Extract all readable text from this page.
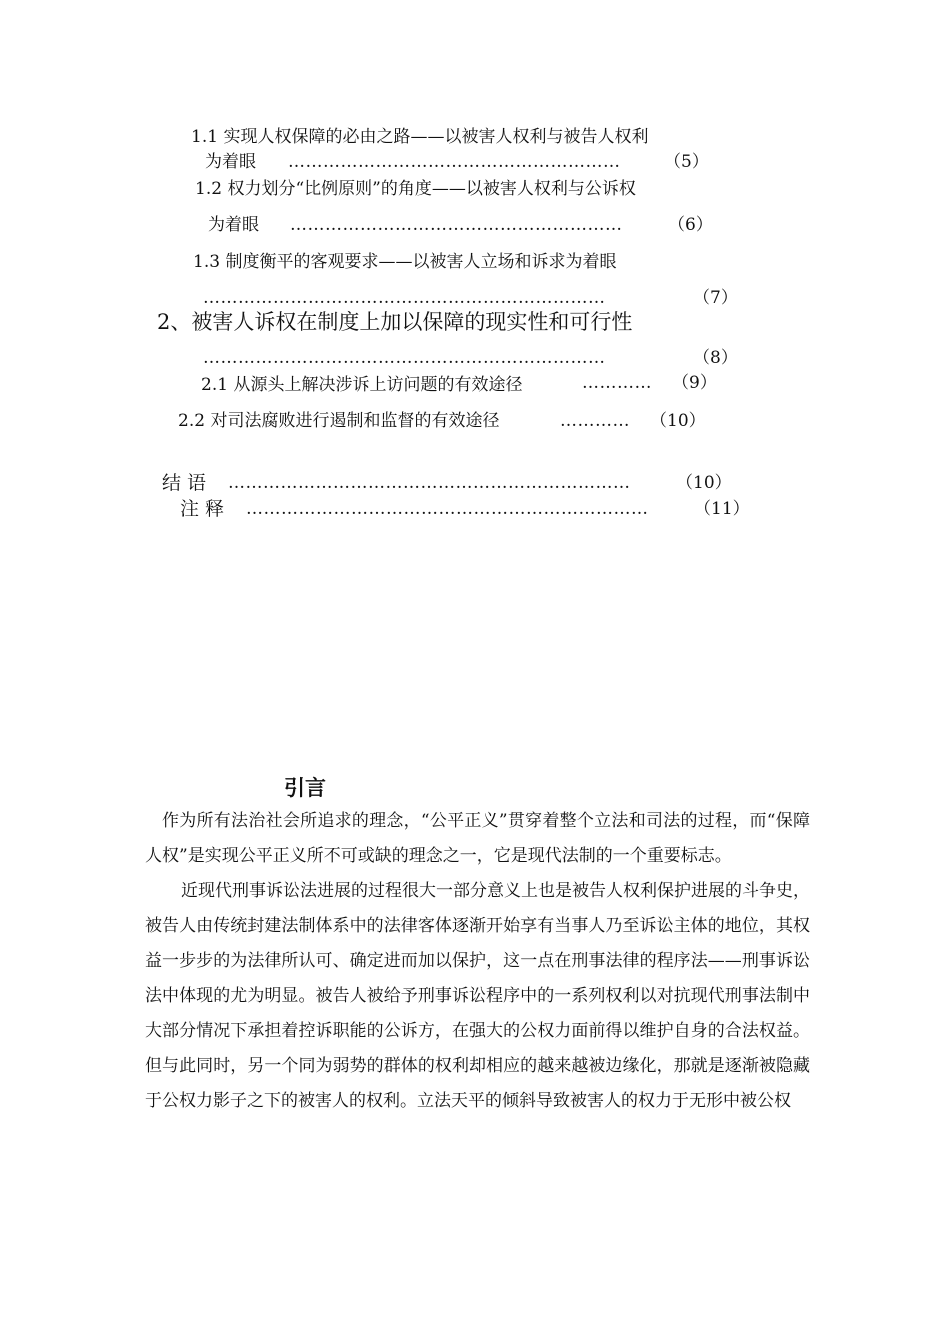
1.1 实现人权保障的必由之路——以被害人权利与被告人权利
为着眼 …………………………………………………	（5）
1.2 权力划分“比例原则”的角度——以被害人权利与公诉权
为着眼 …………………………………………………	（6）
1.3 制度衡平的客观要求——以被害人立场和诉求为着眼
……………………………………………………………	（7）
2、被害人诉权在制度上加以保障的现实性和可行性
……………………………………………………………	（8）
2.1 从源头上解决涉诉上访问题的有效途径	………… （9）
2.2 对司法腐败进行遏制和监督的有效途径	………… （10）
结 语 ……………………………………………………………	（10）
注 释 ……………………………………………………………	（11）
引言

作为所有法治社会所追求的理念，“公平正义”贯穿着整个立法和司法的过程，而“保障人权”是实现公平正义所不可或缺的理念之一，它是现代法制的一个重要标志。

近现代刑事诉讼法进展的过程很大一部分意义上也是被告人权利保护进展的斗争史，被告人由传统封建法制体系中的法律客体逐渐开始享有当事人乃至诉讼主体的地位，其权益一步步的为法律所认可、确定进而加以保护，这一点在刑事法律的程序法——刑事诉讼法中体现的尤为明显。被告人被给予刑事诉讼程序中的一系列权利以对抗现代刑事法制中大部分情况下承担着控诉职能的公诉方，在强大的公权力面前得以维护自身的合法权益。但与此同时，另一个同为弱势的群体的权利却相应的越来越被边缘化，那就是逐渐被隐藏于公权力影子之下的被害人的权利。立法天平的倾斜导致被害人的权力于无形中被公权
